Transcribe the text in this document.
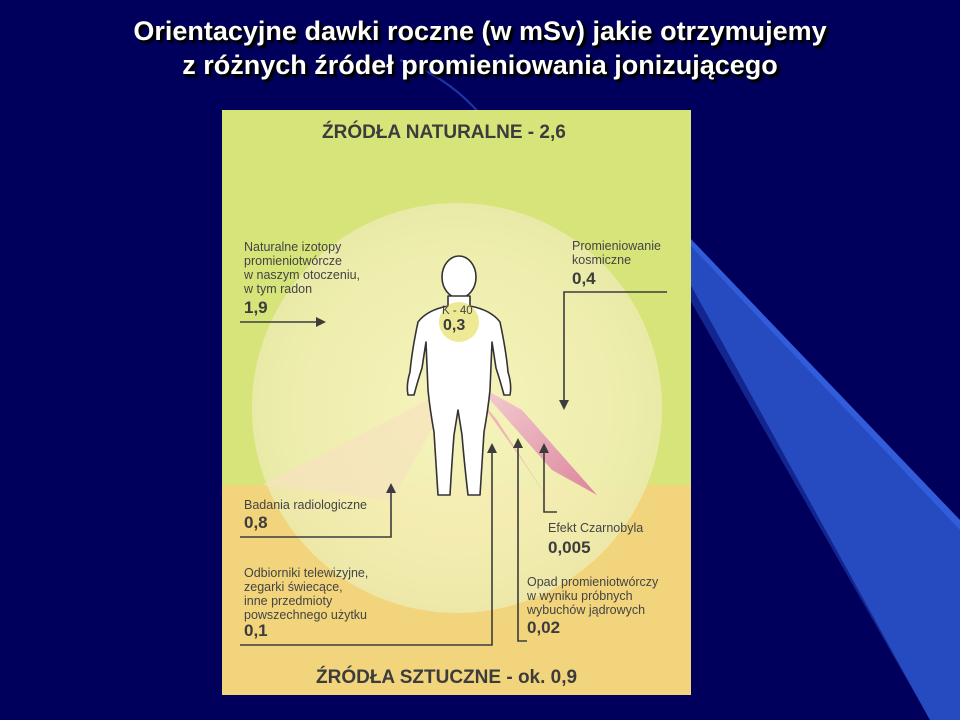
Orientacyjne dawki roczne (w mSv) jakie otrzymujemy
z różnych źródeł promieniowania jonizującego
ŹRÓDŁA NATURALNE - 2,6
ŹRÓDŁA SZTUCZNE - ok. 0,9
Naturalne izotopy
promieniotwórcze
w naszym otoczeniu,
w tym radon
1,9
Promieniowanie
kosmiczne
0,4
K - 40
0,3
Badania radiologiczne
0,8	Efekt Czarnobyla
0,005
Odbiorniki telewizyjne,
zegarki świecące,
inne przedmioty
powszechnego użytku
0,1
Opad promieniotwórczy
w wyniku próbnych
wybuchów jądrowych
0,02
